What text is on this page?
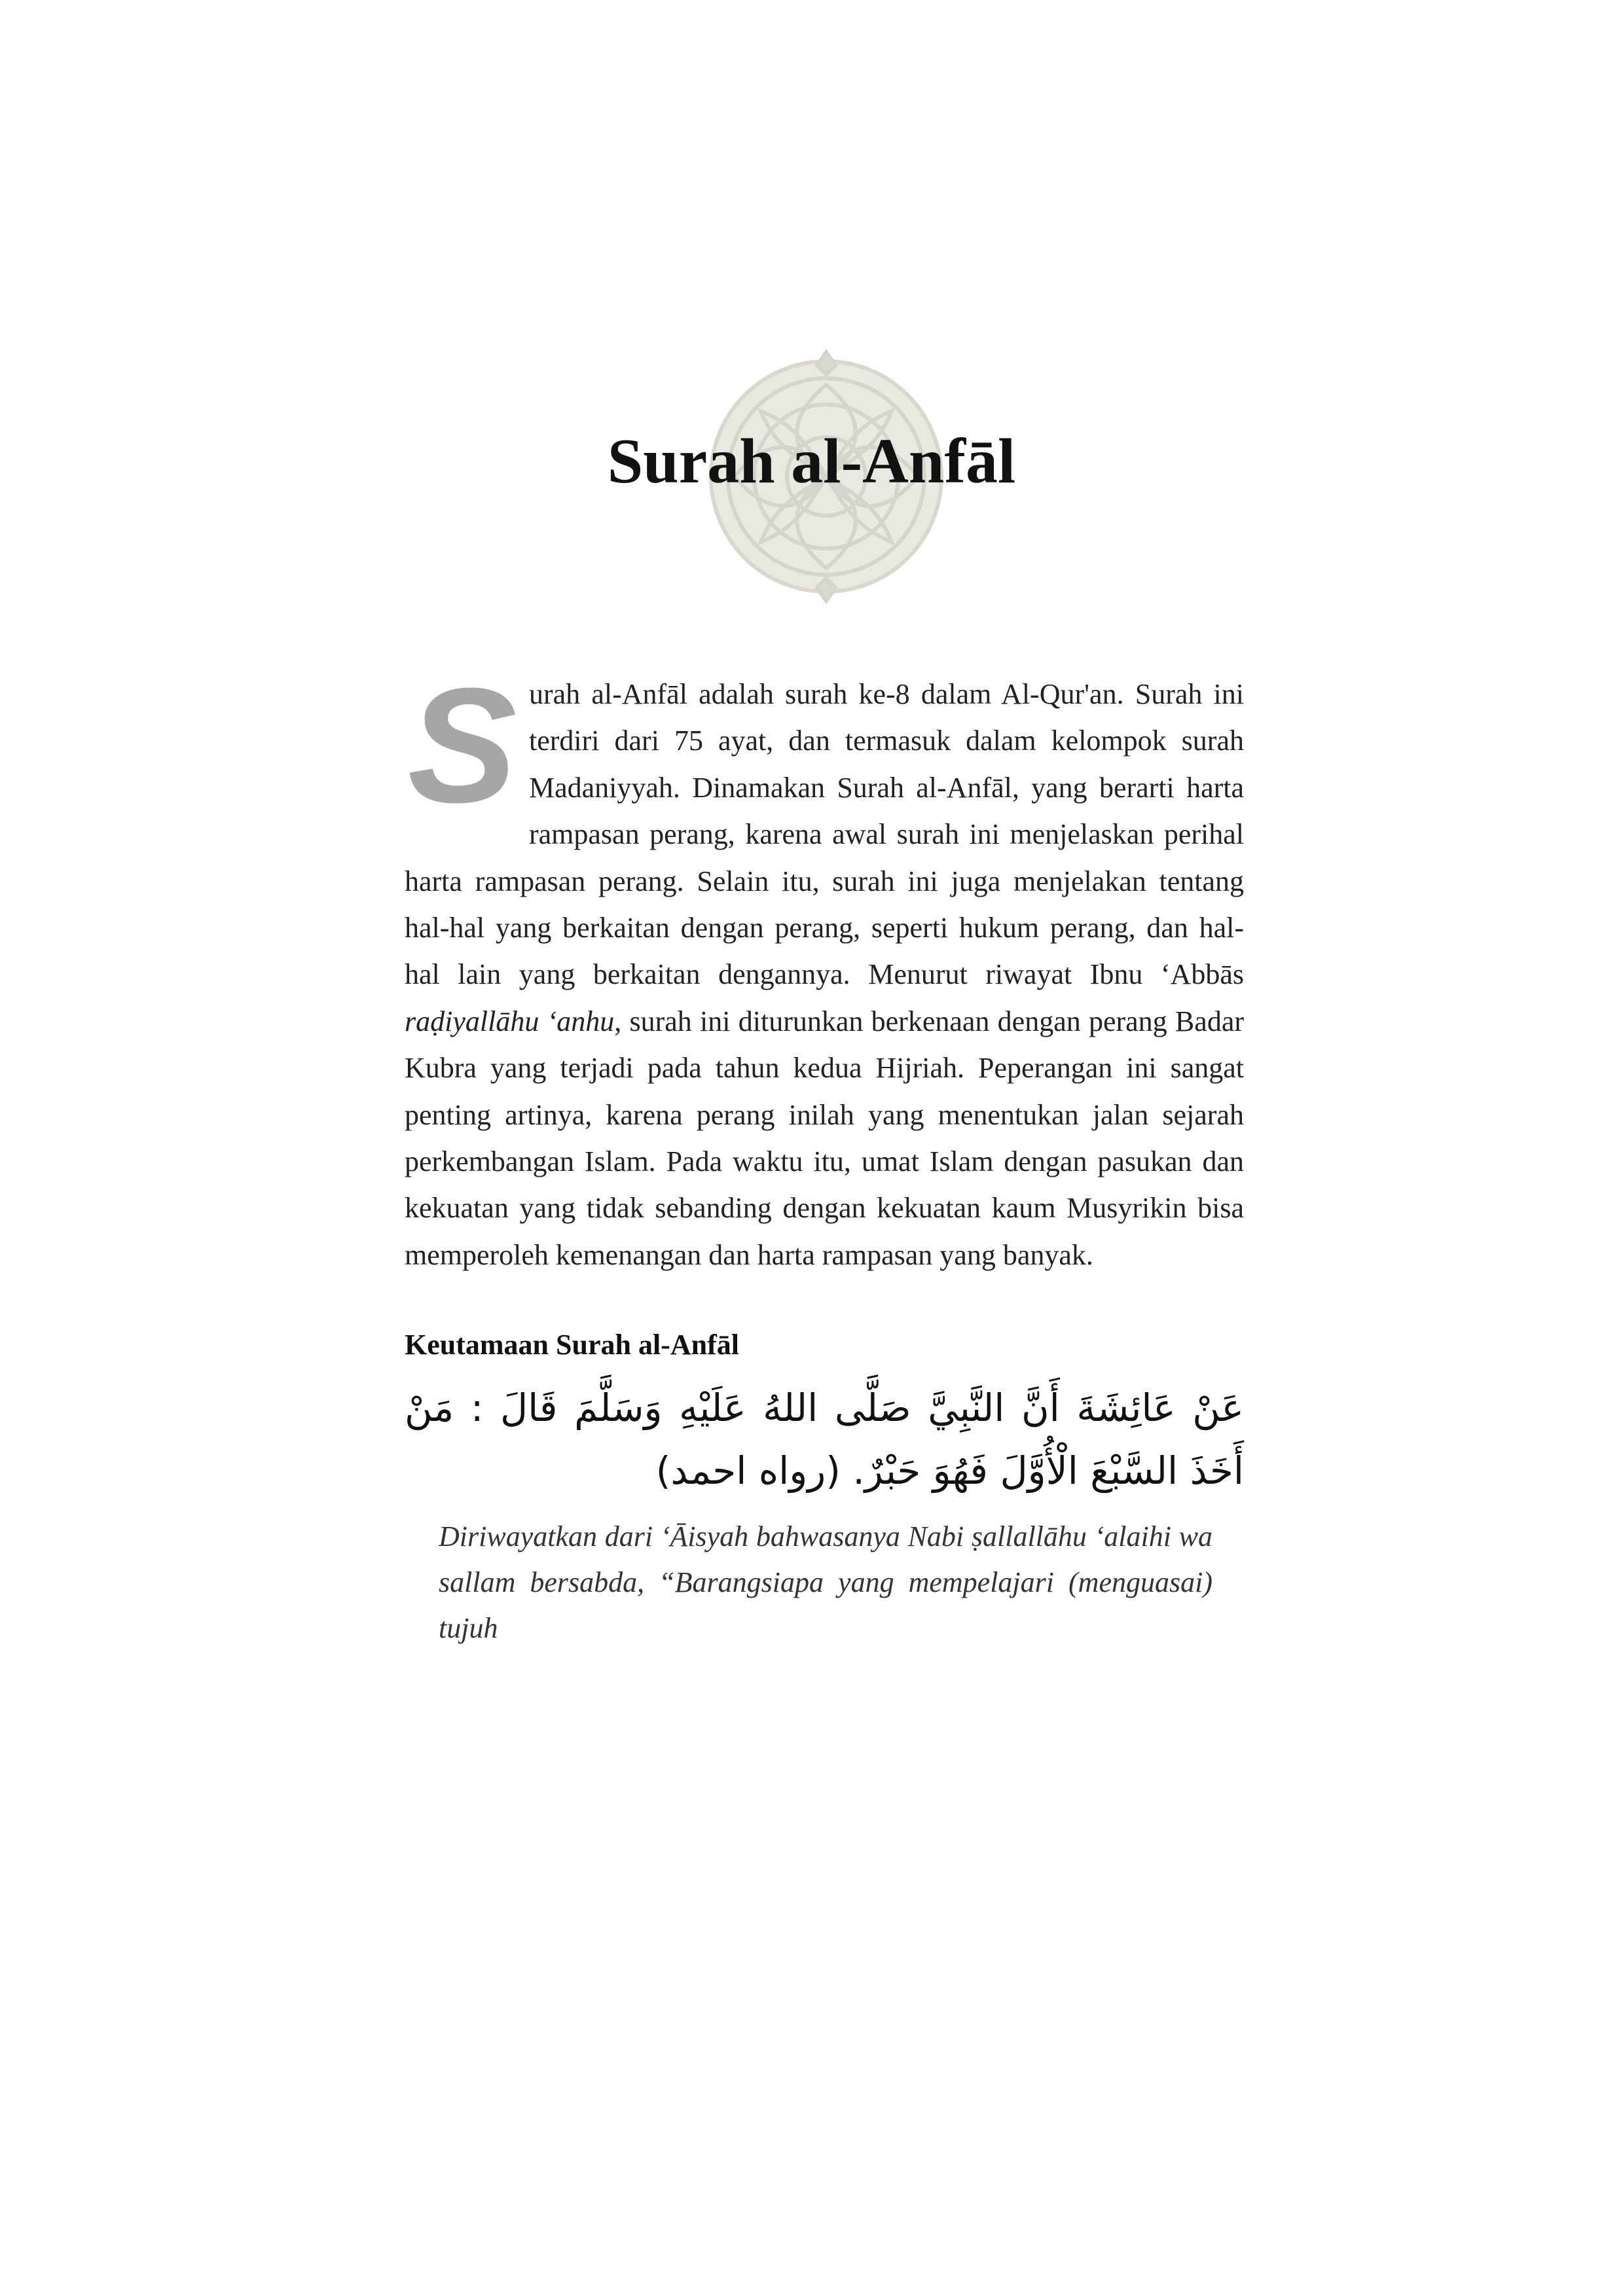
Surah al-Anfāl

S urah al-Anfāl adalah surah ke-8 dalam Al-Qur'an. Surah ini terdiri dari 75 ayat, dan termasuk dalam kelompok surah Madaniyyah. Dinamakan Surah al-Anfāl, yang berarti harta rampasan perang, karena awal surah ini menjelaskan perihal harta rampasan perang. Selain itu, surah ini juga menjelakan tentang hal-hal yang berkaitan dengan perang, seperti hukum perang, dan hal-hal lain yang berkaitan dengannya. Menurut riwayat Ibnu ‘Abbās raḍiyallāhu ‘anhu, surah ini diturunkan berkenaan dengan perang Badar Kubra yang terjadi pada tahun kedua Hijriah. Peperangan ini sangat penting artinya, karena perang inilah yang menentukan jalan sejarah perkembangan Islam. Pada waktu itu, umat Islam dengan pasukan dan kekuatan yang tidak sebanding dengan kekuatan kaum Musyrikin bisa memperoleh kemenangan dan harta rampasan yang banyak.

Keutamaan Surah al-Anfāl

عَنْ عَائِشَةَ أَنَّ النَّبِيَّ صَلَّى اللهُ عَلَيْهِ وَسَلَّمَ قَالَ : مَنْ أَخَذَ السَّبْعَ الْأُوَّلَ فَهُوَ حَبْرٌ. (رواه احمد)

Diriwayatkan dari ‘Āisyah bahwasanya Nabi ṣallallāhu ‘alaihi wa sallam bersabda, “Barangsiapa yang mempelajari (menguasai) tujuh
